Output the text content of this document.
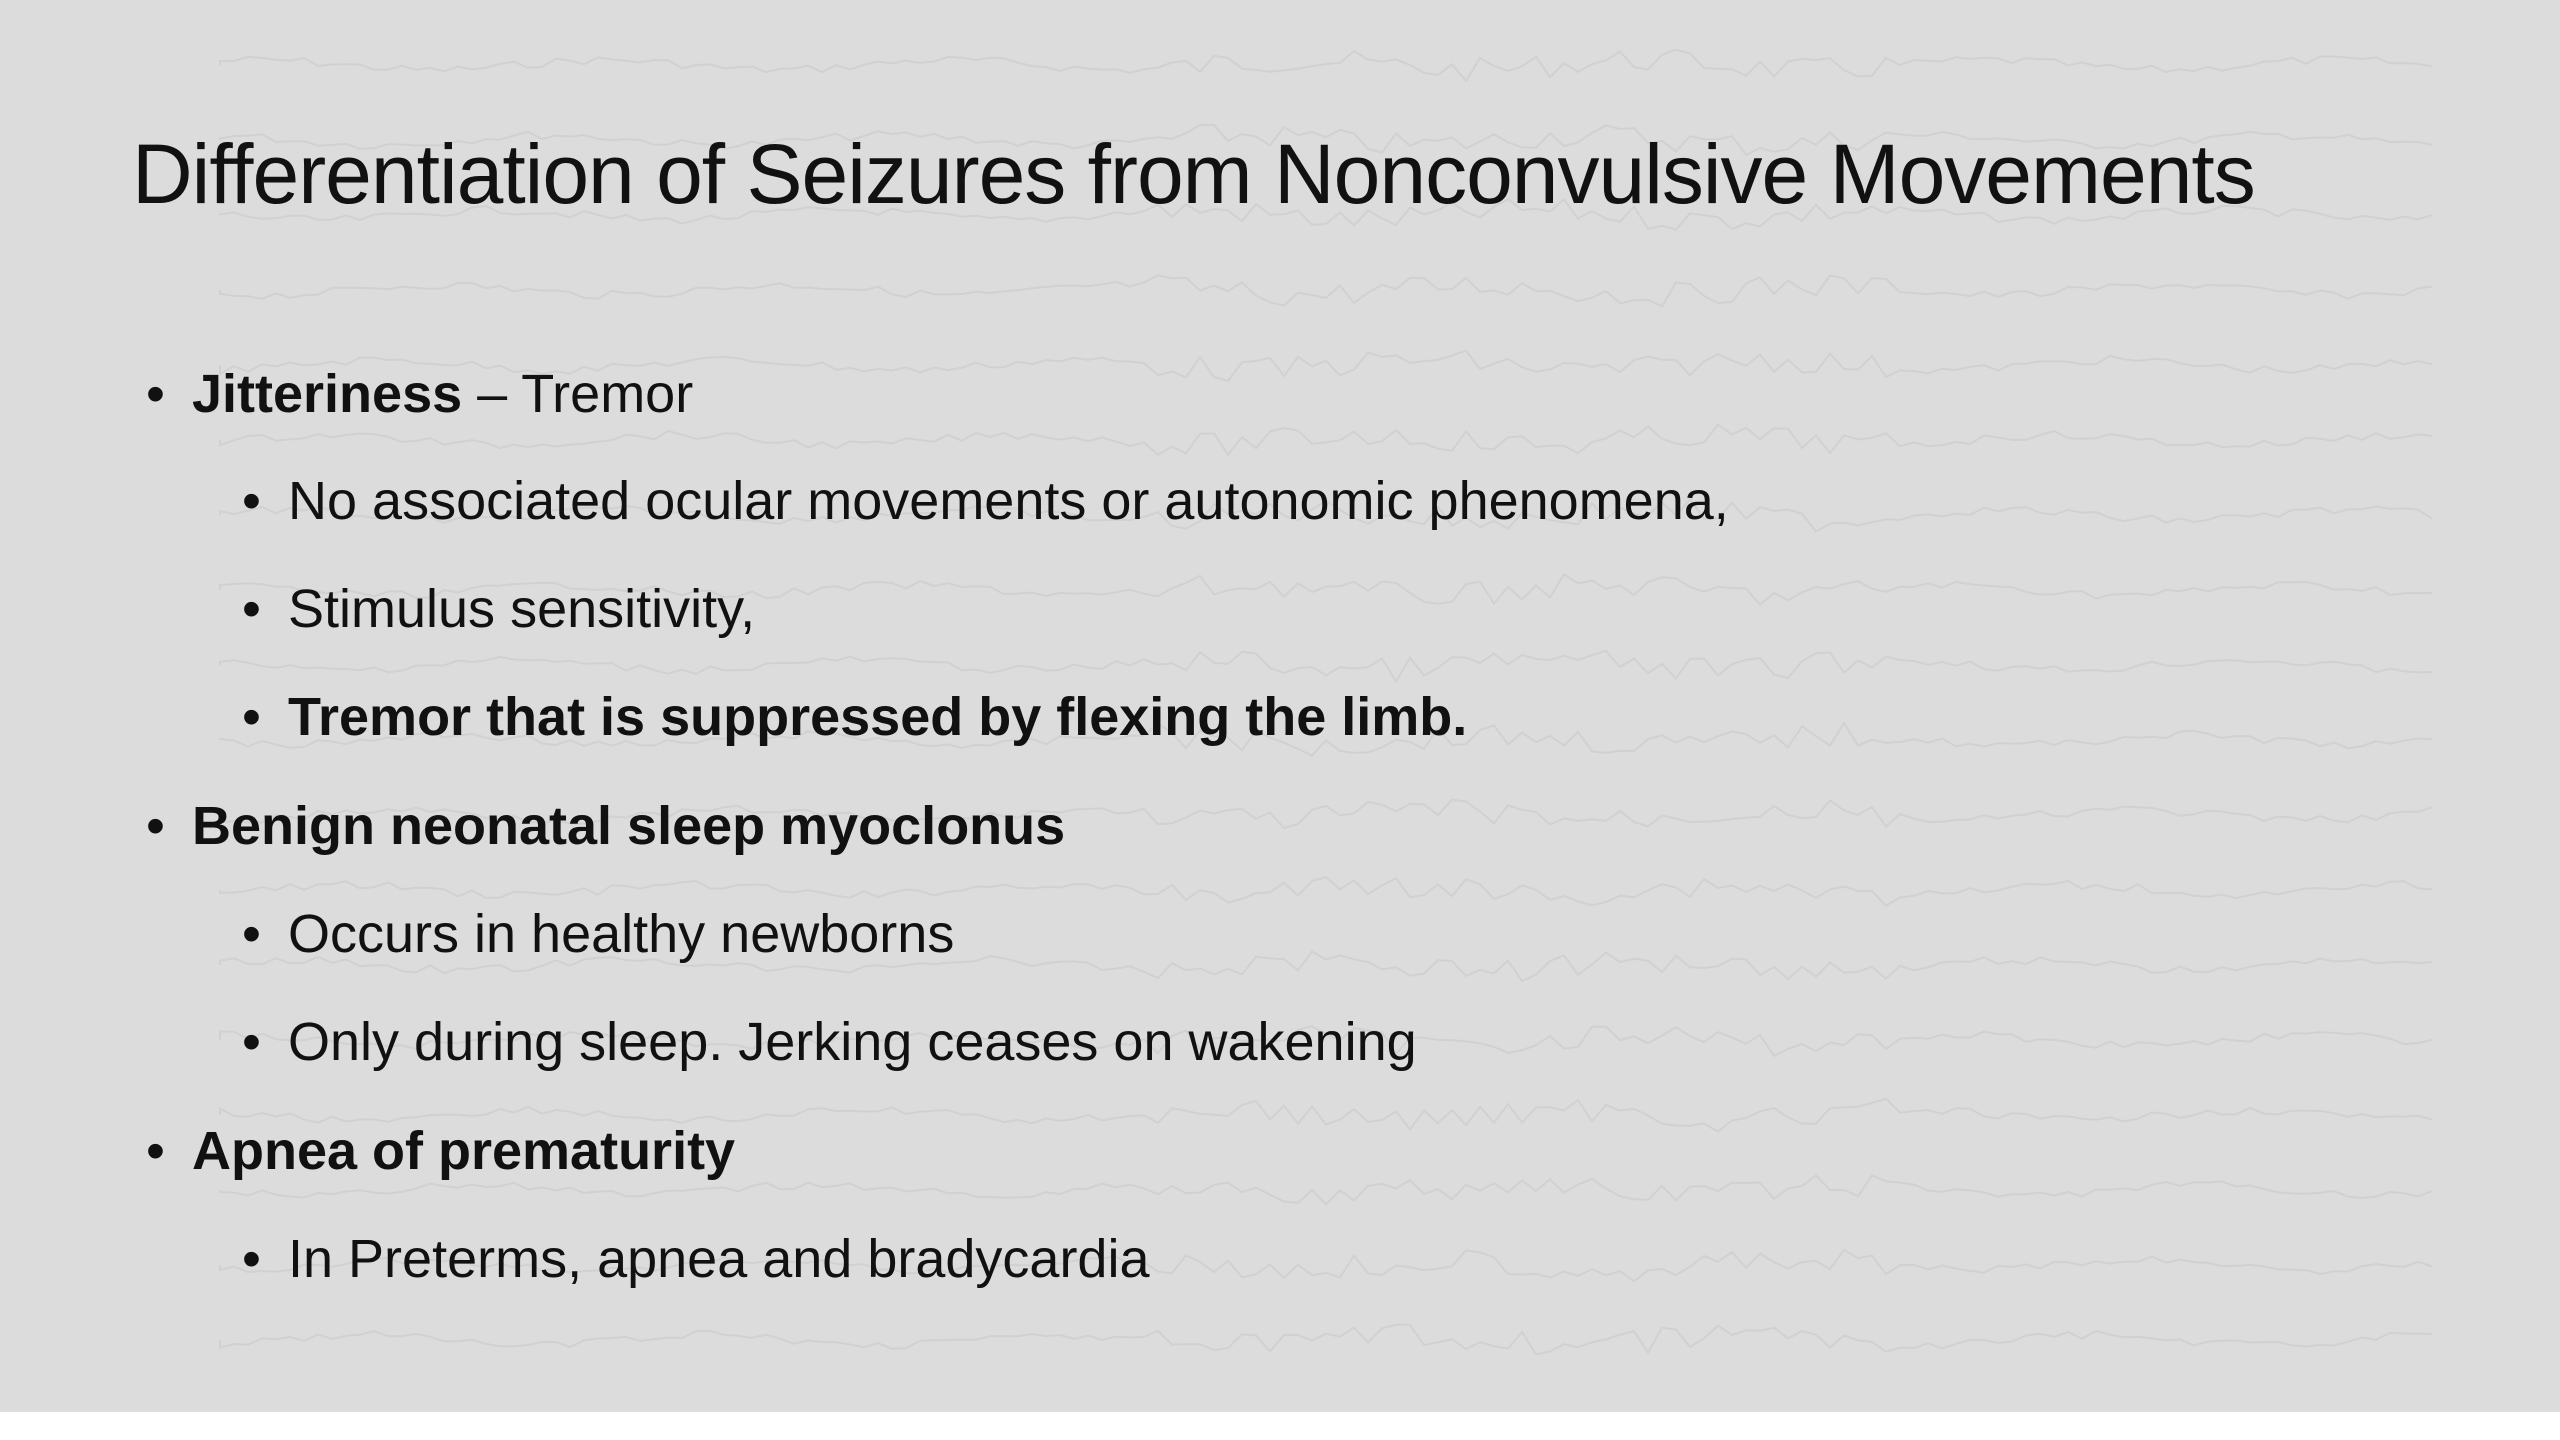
Differentiation of Seizures from Nonconvulsive Movements
• Jitteriness – Tremor
• No associated ocular movements or autonomic phenomena,
• Stimulus sensitivity,
• Tremor that is suppressed by flexing the limb.
• Benign neonatal sleep myoclonus
• Occurs in healthy newborns
• Only during sleep. Jerking ceases on wakening
• Apnea of prematurity
• In Preterms, apnea and bradycardia
